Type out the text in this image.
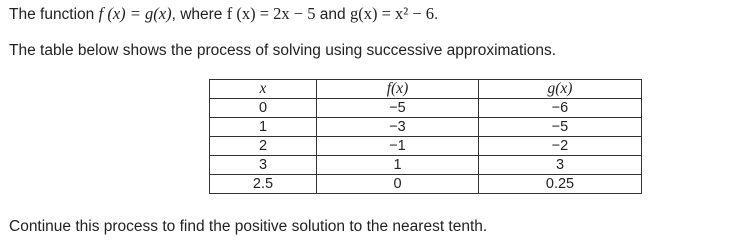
The function f (x) = g(x), where f (x) = 2x − 5 and g(x) = x² − 6.
The table below shows the process of solving using successive approximations.
x	f(x)	g(x)
0	−5	−6
1	−3	−5
2	−1	−2
3	1	3
2.5	0	0.25
Continue this process to find the positive solution to the nearest tenth.
